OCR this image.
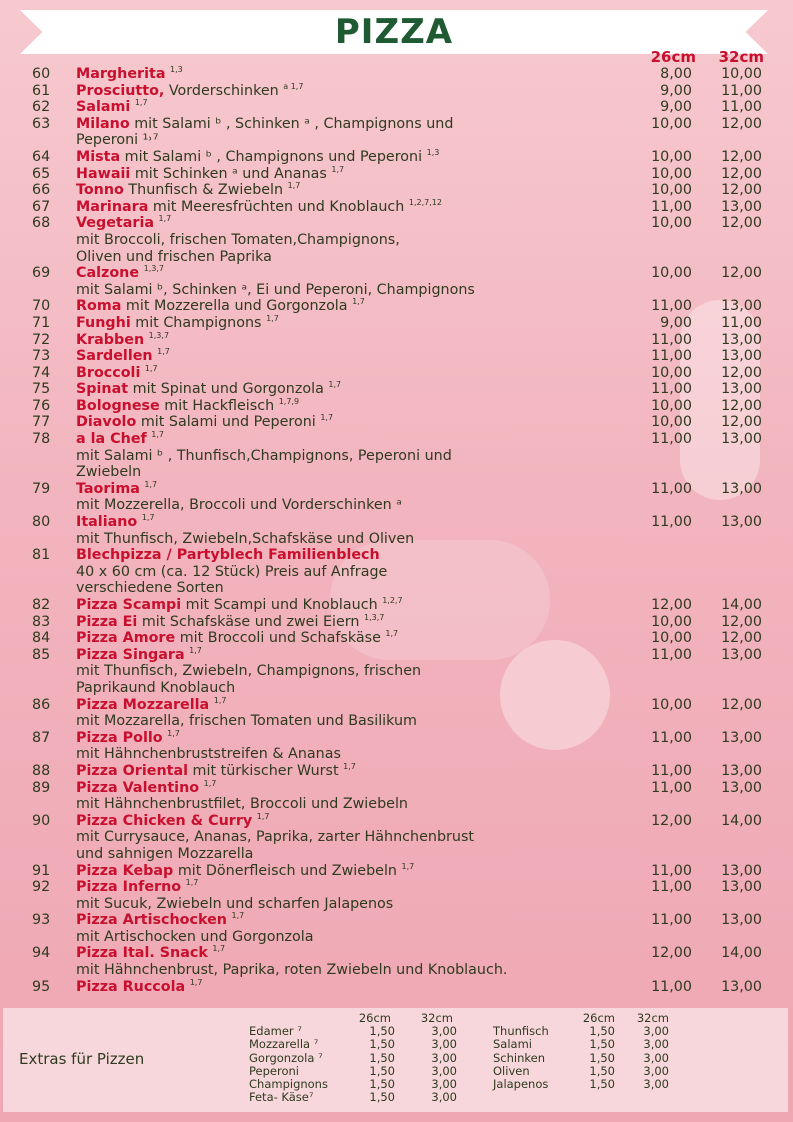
PIZZA
26cm 32cm
60	Margherita $^{1,3}$	8,00 10,00
61	Prosciutto, Vorderschinken $^{a 1,7}$	9,00 11,00
62	Salami $^{1,7}$	9,00 11,00
63	Milano mit Salami ᵇ , Schinken ᵃ , Champignons und
Peperoni ¹˒⁷
10,00 12,00
64	Mista mit Salami ᵇ , Champignons und Peperoni $^{1,3}$	10,00 12,00
65	Hawaii mit Schinken ᵃ und Ananas $^{1,7}$	10,00 12,00
66	Tonno Thunfisch & Zwiebeln $^{1,7}$	10,00 12,00
67	Marinara mit Meeresfrüchten und Knoblauch $^{1,2,7,12}$	11,00 13,00
68	Vegetaria $^{1,7}$
mit Broccoli, frischen Tomaten,Champignons,
Oliven und frischen Paprika
10,00 12,00
69	Calzone $^{1,3,7}$
mit Salami ᵇ, Schinken ᵃ, Ei und Peperoni, Champignons
10,00 12,00
70	Roma mit Mozzerella und Gorgonzola $^{1,7}$	11,00 13,00
71	Funghi mit Champignons $^{1,7}$	9,00 11,00
72	Krabben $^{1,3,7}$	11,00 13,00
73	Sardellen $^{1,7}$	11,00 13,00
74	Broccoli $^{1,7}$	10,00 12,00
75	Spinat mit Spinat und Gorgonzola $^{1,7}$	11,00 13,00
76	Bolognese mit Hackfleisch $^{1,7,9}$	10,00 12,00
77	Diavolo mit Salami und Peperoni $^{1,7}$	10,00 12,00
78	a la Chef $^{1,7}$
mit Salami ᵇ , Thunfisch,Champignons, Peperoni und
Zwiebeln
11,00 13,00
79	Taorima $^{1,7}$
mit Mozzerella, Broccoli und Vorderschinken ᵃ
11,00 13,00
80	Italiano $^{1,7}$
mit Thunfisch, Zwiebeln,Schafskäse und Oliven
11,00 13,00
81	Blechpizza / Partyblech Familienblech
40 x 60 cm (ca. 12 Stück) Preis auf Anfrage
verschiedene Sorten
82	Pizza Scampi mit Scampi und Knoblauch $^{1,2,7}$	12,00 14,00
83	Pizza Ei mit Schafskäse und zwei Eiern $^{1,3,7}$	10,00 12,00
84	Pizza Amore mit Broccoli und Schafskäse $^{1,7}$	10,00 12,00
85	Pizza Singara $^{1,7}$
mit Thunfisch, Zwiebeln, Champignons, frischen
Paprikaund Knoblauch
11,00 13,00
86	Pizza Mozzarella $^{1,7}$
mit Mozzarella, frischen Tomaten und Basilikum
10,00 12,00
87	Pizza Pollo $^{1,7}$
mit Hähnchenbruststreifen & Ananas
11,00 13,00
88	Pizza Oriental mit türkischer Wurst $^{1,7}$	11,00 13,00
89	Pizza Valentino $^{1,7}$
mit Hähnchenbrustfilet, Broccoli und Zwiebeln
11,00 13,00
90	Pizza Chicken & Curry $^{1,7}$
mit Currysauce, Ananas, Paprika, zarter Hähnchenbrust
und sahnigen Mozzarella
12,00 14,00
91	Pizza Kebap mit Dönerfleisch und Zwiebeln $^{1,7}$	11,00 13,00
92	Pizza Inferno $^{1,7}$
mit Sucuk, Zwiebeln und scharfen Jalapenos
11,00 13,00
93	Pizza Artischocken $^{1,7}$
mit Artischocken und Gorgonzola
11,00 13,00
94	Pizza Ital. Snack $^{1,7}$
mit Hähnchenbrust, Paprika, roten Zwiebeln und Knoblauch.
12,00 14,00
95	Pizza Ruccola $^{1,7}$	11,00 13,00
Extras für Pizzen
26cm	32cm	26cm 32cm
Edamer ⁷	1,50	3,00
Mozzarella ⁷	1,50	3,00
Gorgonzola ⁷	1,50	3,00
Peperoni	1,50	3,00
Champignons	1,50	3,00
Feta- Käse⁷	1,50	3,00
Thunfisch	1,50 3,00
Salami	1,50 3,00
Schinken	1,50 3,00
Oliven	1,50 3,00
Jalapenos	1,50 3,00
